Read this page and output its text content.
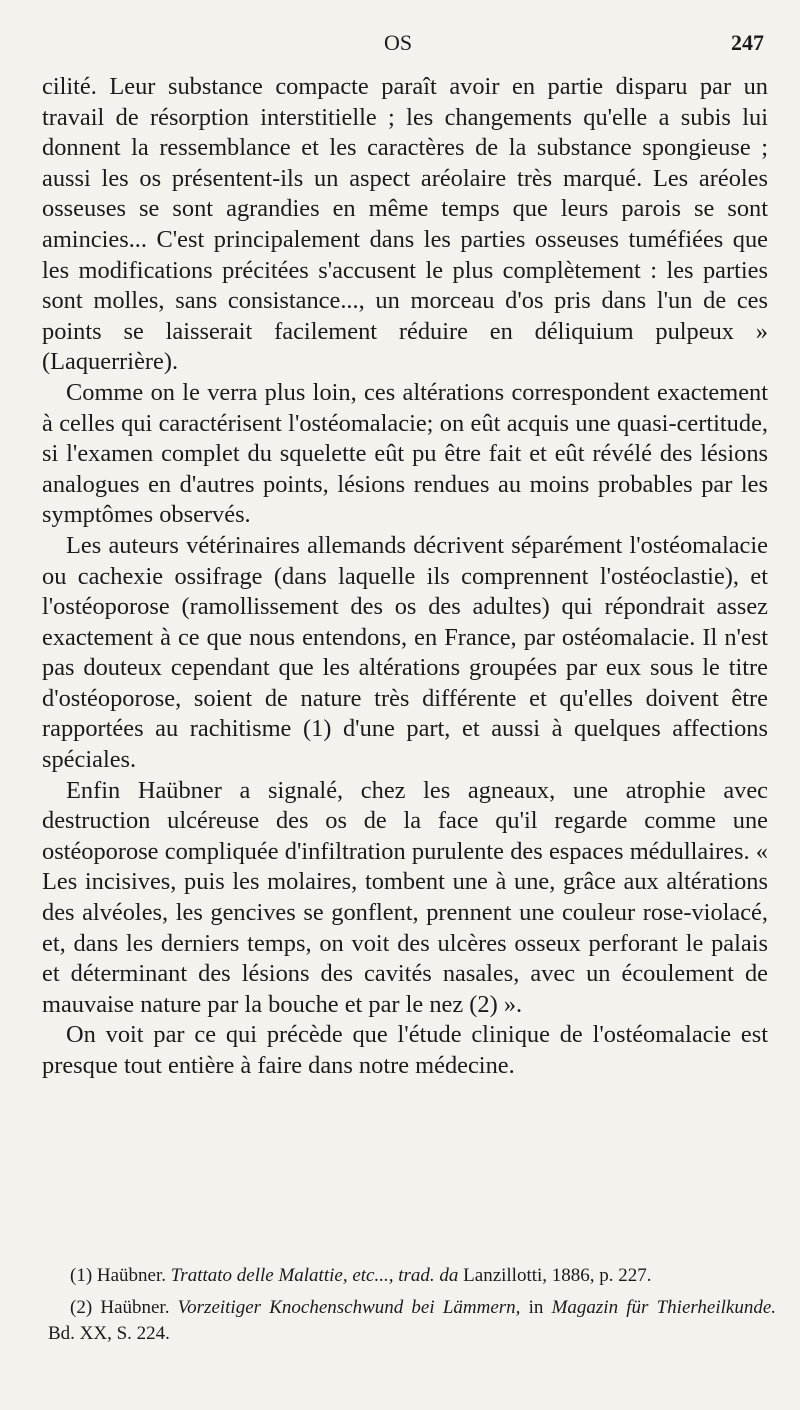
OS	247

cilité. Leur substance compacte paraît avoir en partie disparu par un travail de résorption interstitielle ; les changements qu'elle a subis lui donnent la ressemblance et les caractères de la substance spongieuse ; aussi les os présentent-ils un aspect aréolaire très marqué. Les aréoles osseuses se sont agrandies en même temps que leurs parois se sont amincies... C'est principalement dans les parties osseuses tuméfiées que les modifications précitées s'accusent le plus complètement : les parties sont molles, sans consistance..., un morceau d'os pris dans l'un de ces points se laisserait facilement réduire en déliquium pulpeux » (Laquerrière).

Comme on le verra plus loin, ces altérations correspondent exactement à celles qui caractérisent l'ostéomalacie; on eût acquis une quasi-certitude, si l'examen complet du squelette eût pu être fait et eût révélé des lésions analogues en d'autres points, lésions rendues au moins probables par les symptômes observés.

Les auteurs vétérinaires allemands décrivent séparément l'ostéomalacie ou cachexie ossifrage (dans laquelle ils comprennent l'ostéoclastie), et l'ostéoporose (ramollissement des os des adultes) qui répondrait assez exactement à ce que nous entendons, en France, par ostéomalacie. Il n'est pas douteux cependant que les altérations groupées par eux sous le titre d'ostéoporose, soient de nature très différente et qu'elles doivent être rapportées au rachitisme (1) d'une part, et aussi à quelques affections spéciales.

Enfin Haübner a signalé, chez les agneaux, une atrophie avec destruction ulcéreuse des os de la face qu'il regarde comme une ostéoporose compliquée d'infiltration purulente des espaces médullaires. « Les incisives, puis les molaires, tombent une à une, grâce aux altérations des alvéoles, les gencives se gonflent, prennent une couleur rose-violacé, et, dans les derniers temps, on voit des ulcères osseux perforant le palais et déterminant des lésions des cavités nasales, avec un écoulement de mauvaise nature par la bouche et par le nez (2) ».

On voit par ce qui précède que l'étude clinique de l'ostéomalacie est presque tout entière à faire dans notre médecine.

(1) Haübner. Trattato delle Malattie, etc..., trad. da Lanzillotti, 1886, p. 227.

(2) Haübner. Vorzeitiger Knochenschwund bei Lämmern, in Magazin für Thierheilkunde. Bd. XX, S. 224.
